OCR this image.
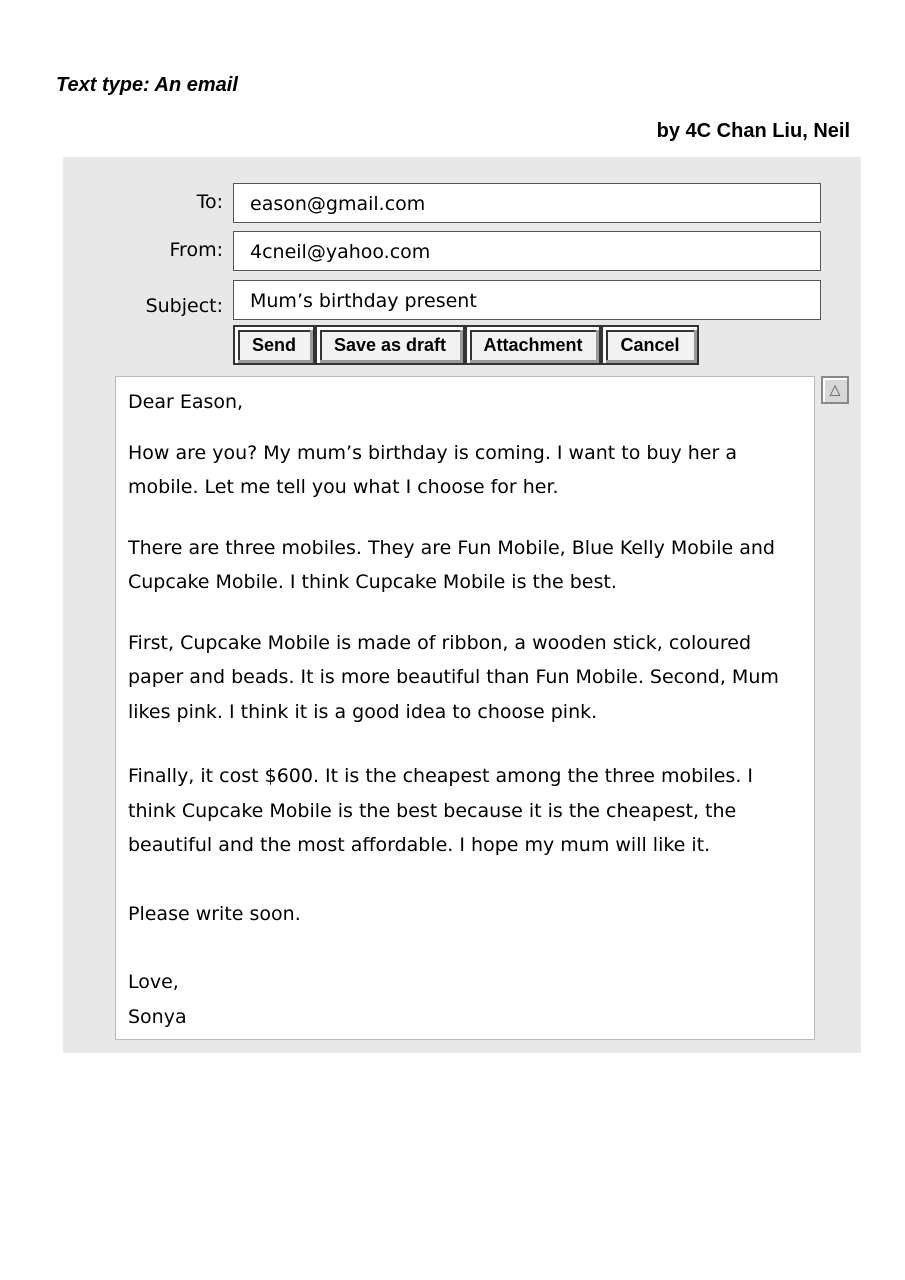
Text type: An email
by 4C Chan Liu, Neil
To:	eason@gmail.com
From:	4cneil@yahoo.com
Subject:	Mum’s birthday present
Send	Save as draft	Attachment	Cancel

Dear Eason,

How are you? My mum’s birthday is coming. I want to buy her a mobile. Let me tell you what I choose for her.

There are three mobiles. They are Fun Mobile, Blue Kelly Mobile and Cupcake Mobile. I think Cupcake Mobile is the best.

First, Cupcake Mobile is made of ribbon, a wooden stick, coloured paper and beads. It is more beautiful than Fun Mobile. Second, Mum likes pink. I think it is a good idea to choose pink.

Finally, it cost $600. It is the cheapest among the three mobiles. I think Cupcake Mobile is the best because it is the cheapest, the beautiful and the most affordable. I hope my mum will like it.

Please write soon.

Love,

Sonya

△
